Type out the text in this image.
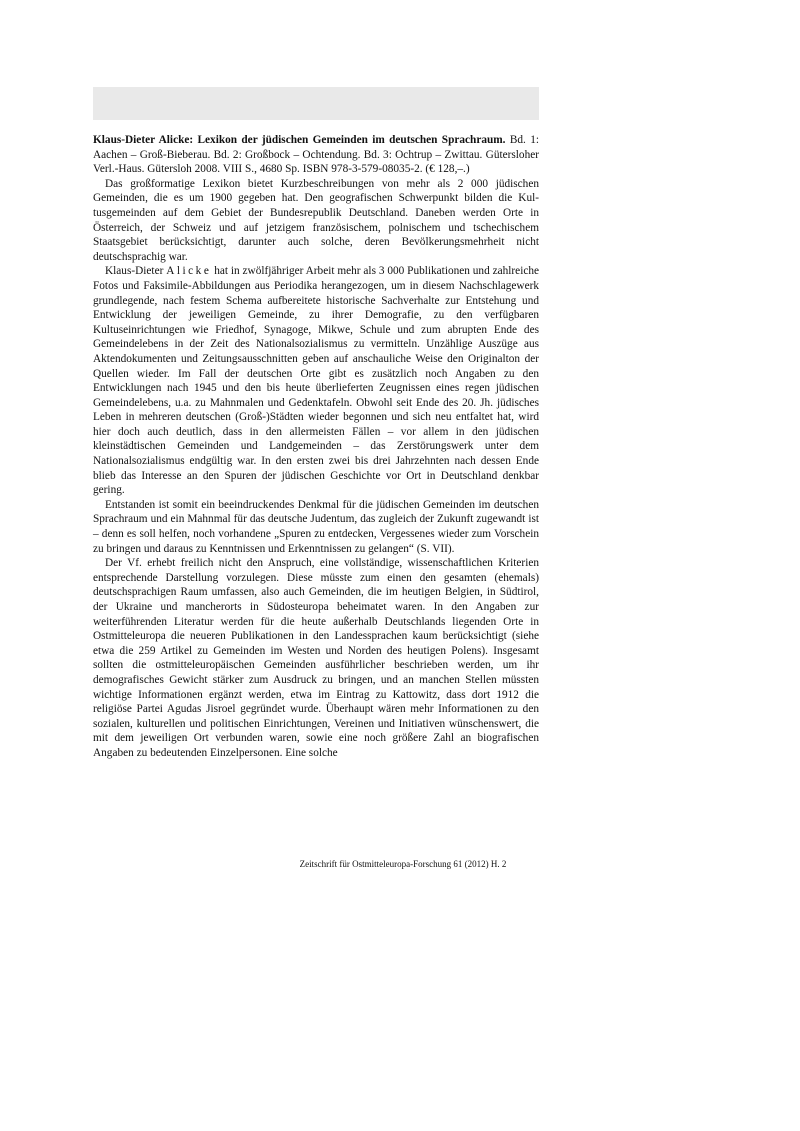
Klaus-Dieter Alicke: Lexikon der jüdischen Gemeinden im deutschen Sprachraum. Bd. 1: Aachen – Groß-Bieberau. Bd. 2: Großbock – Ochtendung. Bd. 3: Ochtrup – Zwittau. Gütersloher Verl.-Haus. Gütersloh 2008. VIII S., 4680 Sp. ISBN 978-3-579-08035-2. (€ 128,–.)

Das großformatige Lexikon bietet Kurzbeschreibungen von mehr als 2 000 jüdischen Gemeinden, die es um 1900 gegeben hat. Den geografischen Schwerpunkt bilden die Kultusgemeinden auf dem Gebiet der Bundesrepublik Deutschland. Daneben werden Orte in Österreich, der Schweiz und auf jetzigem französischem, polnischem und tschechischem Staatsgebiet berücksichtigt, darunter auch solche, deren Bevölkerungsmehrheit nicht deutschsprachig war.

Klaus-Dieter Alicke hat in zwölfjähriger Arbeit mehr als 3 000 Publikationen und zahlreiche Fotos und Faksimile-Abbildungen aus Periodika herangezogen, um in diesem Nachschlagewerk grundlegende, nach festem Schema aufbereitete historische Sachverhalte zur Entstehung und Entwicklung der jeweiligen Gemeinde, zu ihrer Demografie, zu den verfügbaren Kultuseinrichtungen wie Friedhof, Synagoge, Mikwe, Schule und zum abrupten Ende des Gemeindelebens in der Zeit des Nationalsozialismus zu vermitteln. Unzählige Auszüge aus Aktendokumenten und Zeitungsausschnitten geben auf anschauliche Weise den Originalton der Quellen wieder. Im Fall der deutschen Orte gibt es zusätzlich noch Angaben zu den Entwicklungen nach 1945 und den bis heute überlieferten Zeugnissen eines regen jüdischen Gemeindelebens, u.a. zu Mahnmalen und Gedenktafeln. Obwohl seit Ende des 20. Jh. jüdisches Leben in mehreren deutschen (Groß-)Städten wieder begonnen und sich neu entfaltet hat, wird hier doch auch deutlich, dass in den allermeisten Fällen – vor allem in den jüdischen kleinstädtischen Gemeinden und Landgemeinden – das Zerstörungswerk unter dem Nationalsozialismus endgültig war. In den ersten zwei bis drei Jahrzehnten nach dessen Ende blieb das Interesse an den Spuren der jüdischen Geschichte vor Ort in Deutschland denkbar gering.

Entstanden ist somit ein beeindruckendes Denkmal für die jüdischen Gemeinden im deutschen Sprachraum und ein Mahnmal für das deutsche Judentum, das zugleich der Zukunft zugewandt ist – denn es soll helfen, noch vorhandene „Spuren zu entdecken, Vergessenes wieder zum Vorschein zu bringen und daraus zu Kenntnissen und Erkenntnissen zu gelangen“ (S. VII).

Der Vf. erhebt freilich nicht den Anspruch, eine vollständige, wissenschaftlichen Kriterien entsprechende Darstellung vorzulegen. Diese müsste zum einen den gesamten (ehemals) deutschsprachigen Raum umfassen, also auch Gemeinden, die im heutigen Belgien, in Südtirol, der Ukraine und mancherorts in Südosteuropa beheimatet waren. In den Angaben zur weiterführenden Literatur werden für die heute außerhalb Deutschlands liegenden Orte in Ostmitteleuropa die neueren Publikationen in den Landessprachen kaum berücksichtigt (siehe etwa die 259 Artikel zu Gemeinden im Westen und Norden des heutigen Polens). Insgesamt sollten die ostmitteleuropäischen Gemeinden ausführlicher beschrieben werden, um ihr demografisches Gewicht stärker zum Ausdruck zu bringen, und an manchen Stellen müssten wichtige Informationen ergänzt werden, etwa im Eintrag zu Kattowitz, dass dort 1912 die religiöse Partei Agudas Jisroel gegründet wurde. Überhaupt wären mehr Informationen zu den sozialen, kulturellen und politischen Einrichtungen, Vereinen und Initiativen wünschenswert, die mit dem jeweiligen Ort verbunden waren, sowie eine noch größere Zahl an biografischen Angaben zu bedeutenden Einzelpersonen. Eine solche

Zeitschrift für Ostmitteleuropa-Forschung 61 (2012) H. 2
